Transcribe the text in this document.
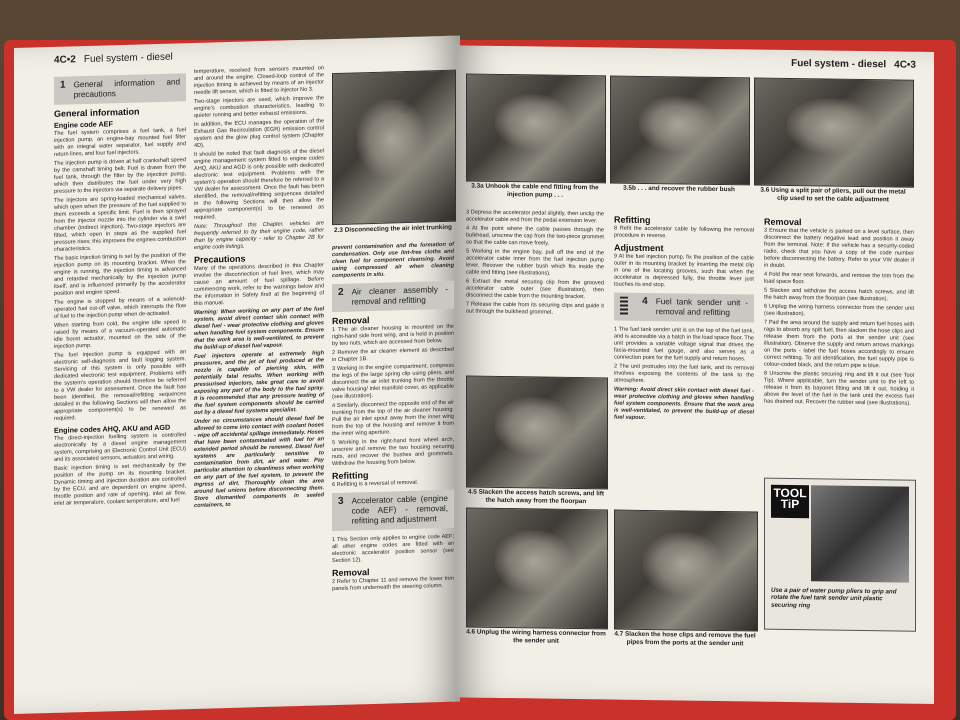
4C•2 Fuel system - diesel
1 General information and precautions
General information
Engine code AEF

The fuel system comprises a fuel tank, a fuel injection pump, an engine-bay mounted fuel filter with an integral water separator, fuel supply and return lines, and four fuel injectors.

The injection pump is driven at half crankshaft speed by the camshaft timing belt. Fuel is drawn from the fuel tank, through the filter by the injection pump, which then distributes the fuel under very high pressure to the injectors via separate delivery pipes.

The injectors are spring-loaded mechanical valves, which open when the pressure of the fuel supplied to them exceeds a specific limit. Fuel is then sprayed from the injector nozzle into the cylinder via a swirl chamber (indirect injection). Two-stage injectors are fitted, which open in steps as the supplied fuel pressure rises; this improves the engines combustion characteristics.

The basic injection timing is set by the position of the injection pump on its mounting bracket. When the engine is running, the injection timing is advanced and retarded mechanically by the injection pump itself, and is influenced primarily by the accelerator position and engine speed.

The engine is stopped by means of a solenoid-operated fuel cut-off valve, which interrupts the flow of fuel to the injection pump when de-activated.

When starting from cold, the engine idle speed is raised by means of a vacuum-operated automatic idle boost actuator, mounted on the side of the injection pump.

The fuel injection pump is equipped with an electronic self-diagnosis and fault logging system. Servicing of this system is only possible with dedicated electronic test equipment. Problems with the system's operation should therefore be referred to a VW dealer for assessment. Once the fault has been identified, the removal/refitting sequences detailed in the following Sections will then allow the appropriate component(s) to be renewed as required.

Engine codes AHQ, AKU and AGD

The direct-injection fuelling system is controlled electronically by a diesel engine management system, comprising an Electronic Control Unit (ECU) and its associated sensors, actuators and wiring.

Basic injection timing is set mechanically by the position of the pump on its mounting bracket. Dynamic timing and injection duration are controlled by the ECU, and are dependent on engine speed, throttle position and rate of opening, inlet air flow, inlet air temperature, coolant temperature, and fuel

temperature, received from sensors mounted on and around the engine. Closed-loop control of the injection timing is achieved by means of an injector needle lift sensor, which is fitted to injector No 3.

Two-stage injectors are used, which improve the engine's combustion characteristics, leading to quieter running and better exhaust emissions.

In addition, the ECU manages the operation of the Exhaust Gas Recirculation (EGR) emission control system and the glow plug control system (Chapter 4D).

It should be noted that fault diagnosis of the diesel engine management system fitted to engine codes AHQ, AKU and AGD is only possible with dedicated electronic test equipment. Problems with the system's operation should therefore be referred to a VW dealer for assessment. Once the fault has been identified, the removal/refitting sequences detailed in the following Sections will then allow the appropriate component(s) to be renewed as required.

Note: Throughout this Chapter, vehicles are frequently referred to by their engine code, rather than by engine capacity - refer to Chapter 2B for engine code listings.

Precautions

Many of the operations described in this Chapter involve the disconnection of fuel lines, which may cause an amount of fuel spillage. Before commencing work, refer to the warnings below and the information in Safety first! at the beginning of this manual.

Warning: When working on any part of the fuel system, avoid direct contact skin contact with diesel fuel - wear protective clothing and gloves when handling fuel system components. Ensure that the work area is well-ventilated, to prevent the build-up of diesel fuel vapour.

Fuel injectors operate at extremely high pressures, and the jet of fuel produced at the nozzle is capable of piercing skin, with potentially fatal results. When working with pressurised injectors, take great care to avoid exposing any part of the body to the fuel spray. It is recommended that any pressure testing of the fuel system components should be carried out by a diesel fuel systems specialist.

Under no circumstances should diesel fuel be allowed to come into contact with coolant hoses - wipe off accidental spillage immediately. Hoses that have been contaminated with fuel for an extended period should be renewed. Diesel fuel systems are particularly sensitive to contamination from dirt, air and water. Pay particular attention to cleanliness when working on any part of the fuel system, to prevent the ingress of dirt. Thoroughly clean the area around fuel unions before disconnecting them. Store dismantled components in sealed containers, to

2.3 Disconnecting the air inlet trunking

prevent contamination and the formation of condensation. Only use lint-free cloths and clean fuel for component cleansing. Avoid using compressed air when cleaning components in situ.

2 Air cleaner assembly - removal and refitting
Removal

1 The air cleaner housing is mounted on the right-hand side front wing, and is held in position by two nuts, which are accessed from below.

2 Remove the air cleaner element as described in Chapter 1B.

3 Working in the engine compartment, compress the legs of the large spring clip using pliers, and disconnect the air inlet trunking from the throttle valve housing/ inlet manifold cover, as applicable (see illustration).

4 Similarly, disconnect the opposite end of the air trunking from the top of the air cleaner housing. Pull the air inlet spout away from the inner wing from the top of the housing and remove it from the inner wing aperture.

5 Working in the right-hand front wheel arch, unscrew and remove the two housing securing nuts, and recover the bushes and grommets. Withdraw the housing from below.

Refitting

6 Refitting is a reversal of removal.

3 Accelerator cable (engine code AEF) - removal, refitting and adjustment

1 This Section only applies to engine code AEF; all other engine codes are fitted with an electronic accelerator position sensor (see Section 12).

Removal

2 Refer to Chapter 11 and remove the lower trim panels from underneath the steering column.

Fuel system - diesel 4C•3
3.3a Unhook the cable end fitting from the injection pump . . .
3.5b . . . and recover the rubber bush	3.6 Using a split pair of pliers, pull out the metal clip used to set the cable adjustment

3 Depress the accelerator pedal slightly, then unclip the accelerator cable end from the pedal extension lever.

4 At the point where the cable passes through the bulkhead, unscrew the cap from the two-piece grommet so that the cable can move freely.

5 Working in the engine bay, pull off the end of the accelerator cable inner from the fuel injection pump lever. Recover the rubber bush which fits inside the cable end fitting (see illustrations).

6 Extract the metal securing clip from the grooved accelerator cable outer (see illustration), then disconnect the cable from the mounting bracket.

7 Release the cable from its securing clips and guide it out through the bulkhead grommet.

4.5 Slacken the access hatch screws, and lift the hatch away from the floorpan
4.6 Unplug the wiring harness connector from the sender unit
Refitting

8 Refit the accelerator cable by following the removal procedure in reverse.

Adjustment

9 At the fuel injection pump, fix the position of the cable outer in its mounting bracket by inserting the metal clip in one of the locating grooves, such that when the accelerator is depressed fully, the throttle lever just touches its end stop.

4 Fuel tank sender unit - removal and refitting

1 The fuel tank sender unit is on the top of the fuel tank, and is accessible via a hatch in the load space floor. The unit provides a variable voltage signal that drives the facia-mounted fuel gauge, and also serves as a connection point for the fuel supply and return hoses.

2 The unit protrudes into the fuel tank, and its removal involves exposing the contents of the tank to the atmosphere.

Warning: Avoid direct skin contact with diesel fuel - wear protective clothing and gloves when handling fuel system components. Ensure that the work area is well-ventilated, to prevent the build-up of diesel fuel vapour.

4.7 Slacken the hose clips and remove the fuel pipes from the ports at the sender unit
Removal

3 Ensure that the vehicle is parked on a level surface, then disconnect the battery negative lead and position it away from the terminal. Note: If the vehicle has a security-coded radio, check that you have a copy of the code number before disconnecting the battery. Refer to your VW dealer if in doubt.

4 Fold the rear seat forwards, and remove the trim from the load space floor.

5 Slacken and withdraw the access hatch screws, and lift the hatch away from the floorpan (see illustration).

6 Unplug the wiring harness connector from the sender unit (see illustration).

7 Pad the area around the supply and return fuel hoses with rags to absorb any spilt fuel, then slacken the hose clips and release them from the ports at the sender unit (see illustration). Observe the supply and return arrows markings on the ports - label the fuel hoses accordingly to ensure correct refitting. To aid identification, the fuel supply pipe is colour-coded black, and the return pipe is blue.

8 Unscrew the plastic securing ring and lift it out (see Tool Tip). Where applicable, turn the sender unit to the left to release it from its bayonet fitting and lift it out, holding it above the level of the fuel in the tank until the excess fuel has drained out. Recover the rubber seal (see illustrations).

TOOL
TiP
Use a pair of water pump pliers to grip and rotate the fuel tank sender unit plastic securing ring
